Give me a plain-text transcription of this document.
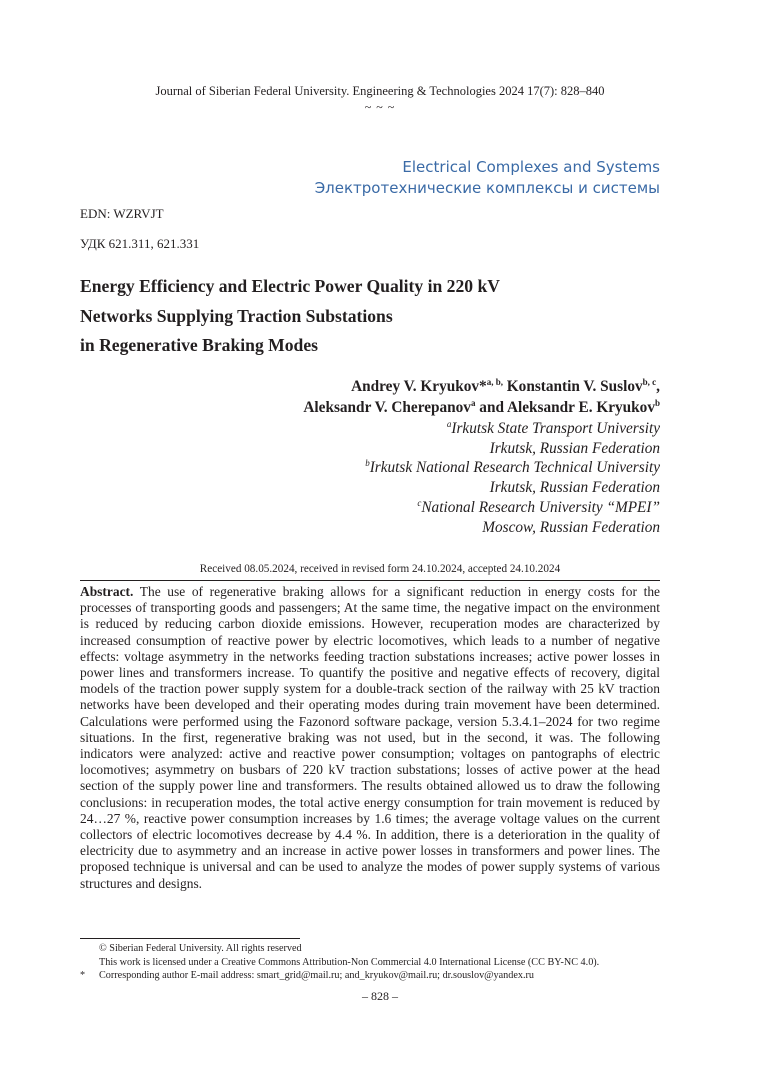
Journal of Siberian Federal University. Engineering & Technologies 2024 17(7): 828–840
~ ~ ~
Electrical Complexes and Systems
Электротехнические комплексы и системы
EDN: WZRVJT
УДК 621.311, 621.331
Energy Efficiency and Electric Power Quality in 220 kV
Networks Supplying Traction Substations
in Regenerative Braking Modes
Andrey V. Kryukov*$^{a, b,}$ Konstantin V. Suslov$^{b, c}$,
Aleksandr V. Cherepanov$^a$ and Aleksandr E. Kryukov$^b$
$^a$Irkutsk State Transport University
Irkutsk, Russian Federation
$^b$Irkutsk National Research Technical University
Irkutsk, Russian Federation
$^c$National Research University “MPEI”
Moscow, Russian Federation
Received 08.05.2024, received in revised form 24.10.2024, accepted 24.10.2024
Abstract. The use of regenerative braking allows for a significant reduction in energy costs for the processes of transporting goods and passengers; At the same time, the negative impact on the environment is reduced by reducing carbon dioxide emissions. However, recuperation modes are characterized by increased consumption of reactive power by electric locomotives, which leads to a number of negative effects: voltage asymmetry in the networks feeding traction substations increases; active power losses in power lines and transformers increase. To quantify the positive and negative effects of recovery, digital models of the traction power supply system for a double-track section of the railway with 25 kV traction networks have been developed and their operating modes during train movement have been determined. Calculations were performed using the Fazonord software package, version 5.3.4.1–2024 for two regime situations. In the first, regenerative braking was not used, but in the second, it was. The following indicators were analyzed: active and reactive power consumption; voltages on pantographs of electric locomotives; asymmetry on busbars of 220 kV traction substations; losses of active power at the head section of the supply power line and transformers. The results obtained allowed us to draw the following conclusions: in recuperation modes, the total active energy consumption for train movement is reduced by 24…27 %, reactive power consumption increases by 1.6 times; the average voltage values on the current collectors of electric locomotives decrease by 4.4 %. In addition, there is a deterioration in the quality of electricity due to asymmetry and an increase in active power losses in transformers and power lines. The proposed technique is universal and can be used to analyze the modes of power supply systems of various structures and designs.
© Siberian Federal University. All rights reserved
This work is licensed under a Creative Commons Attribution-Non Commercial 4.0 International License (CC BY-NC 4.0).
* Corresponding author E-mail address: smart_grid@mail.ru; and_kryukov@mail.ru; dr.souslov@yandex.ru
– 828 –
